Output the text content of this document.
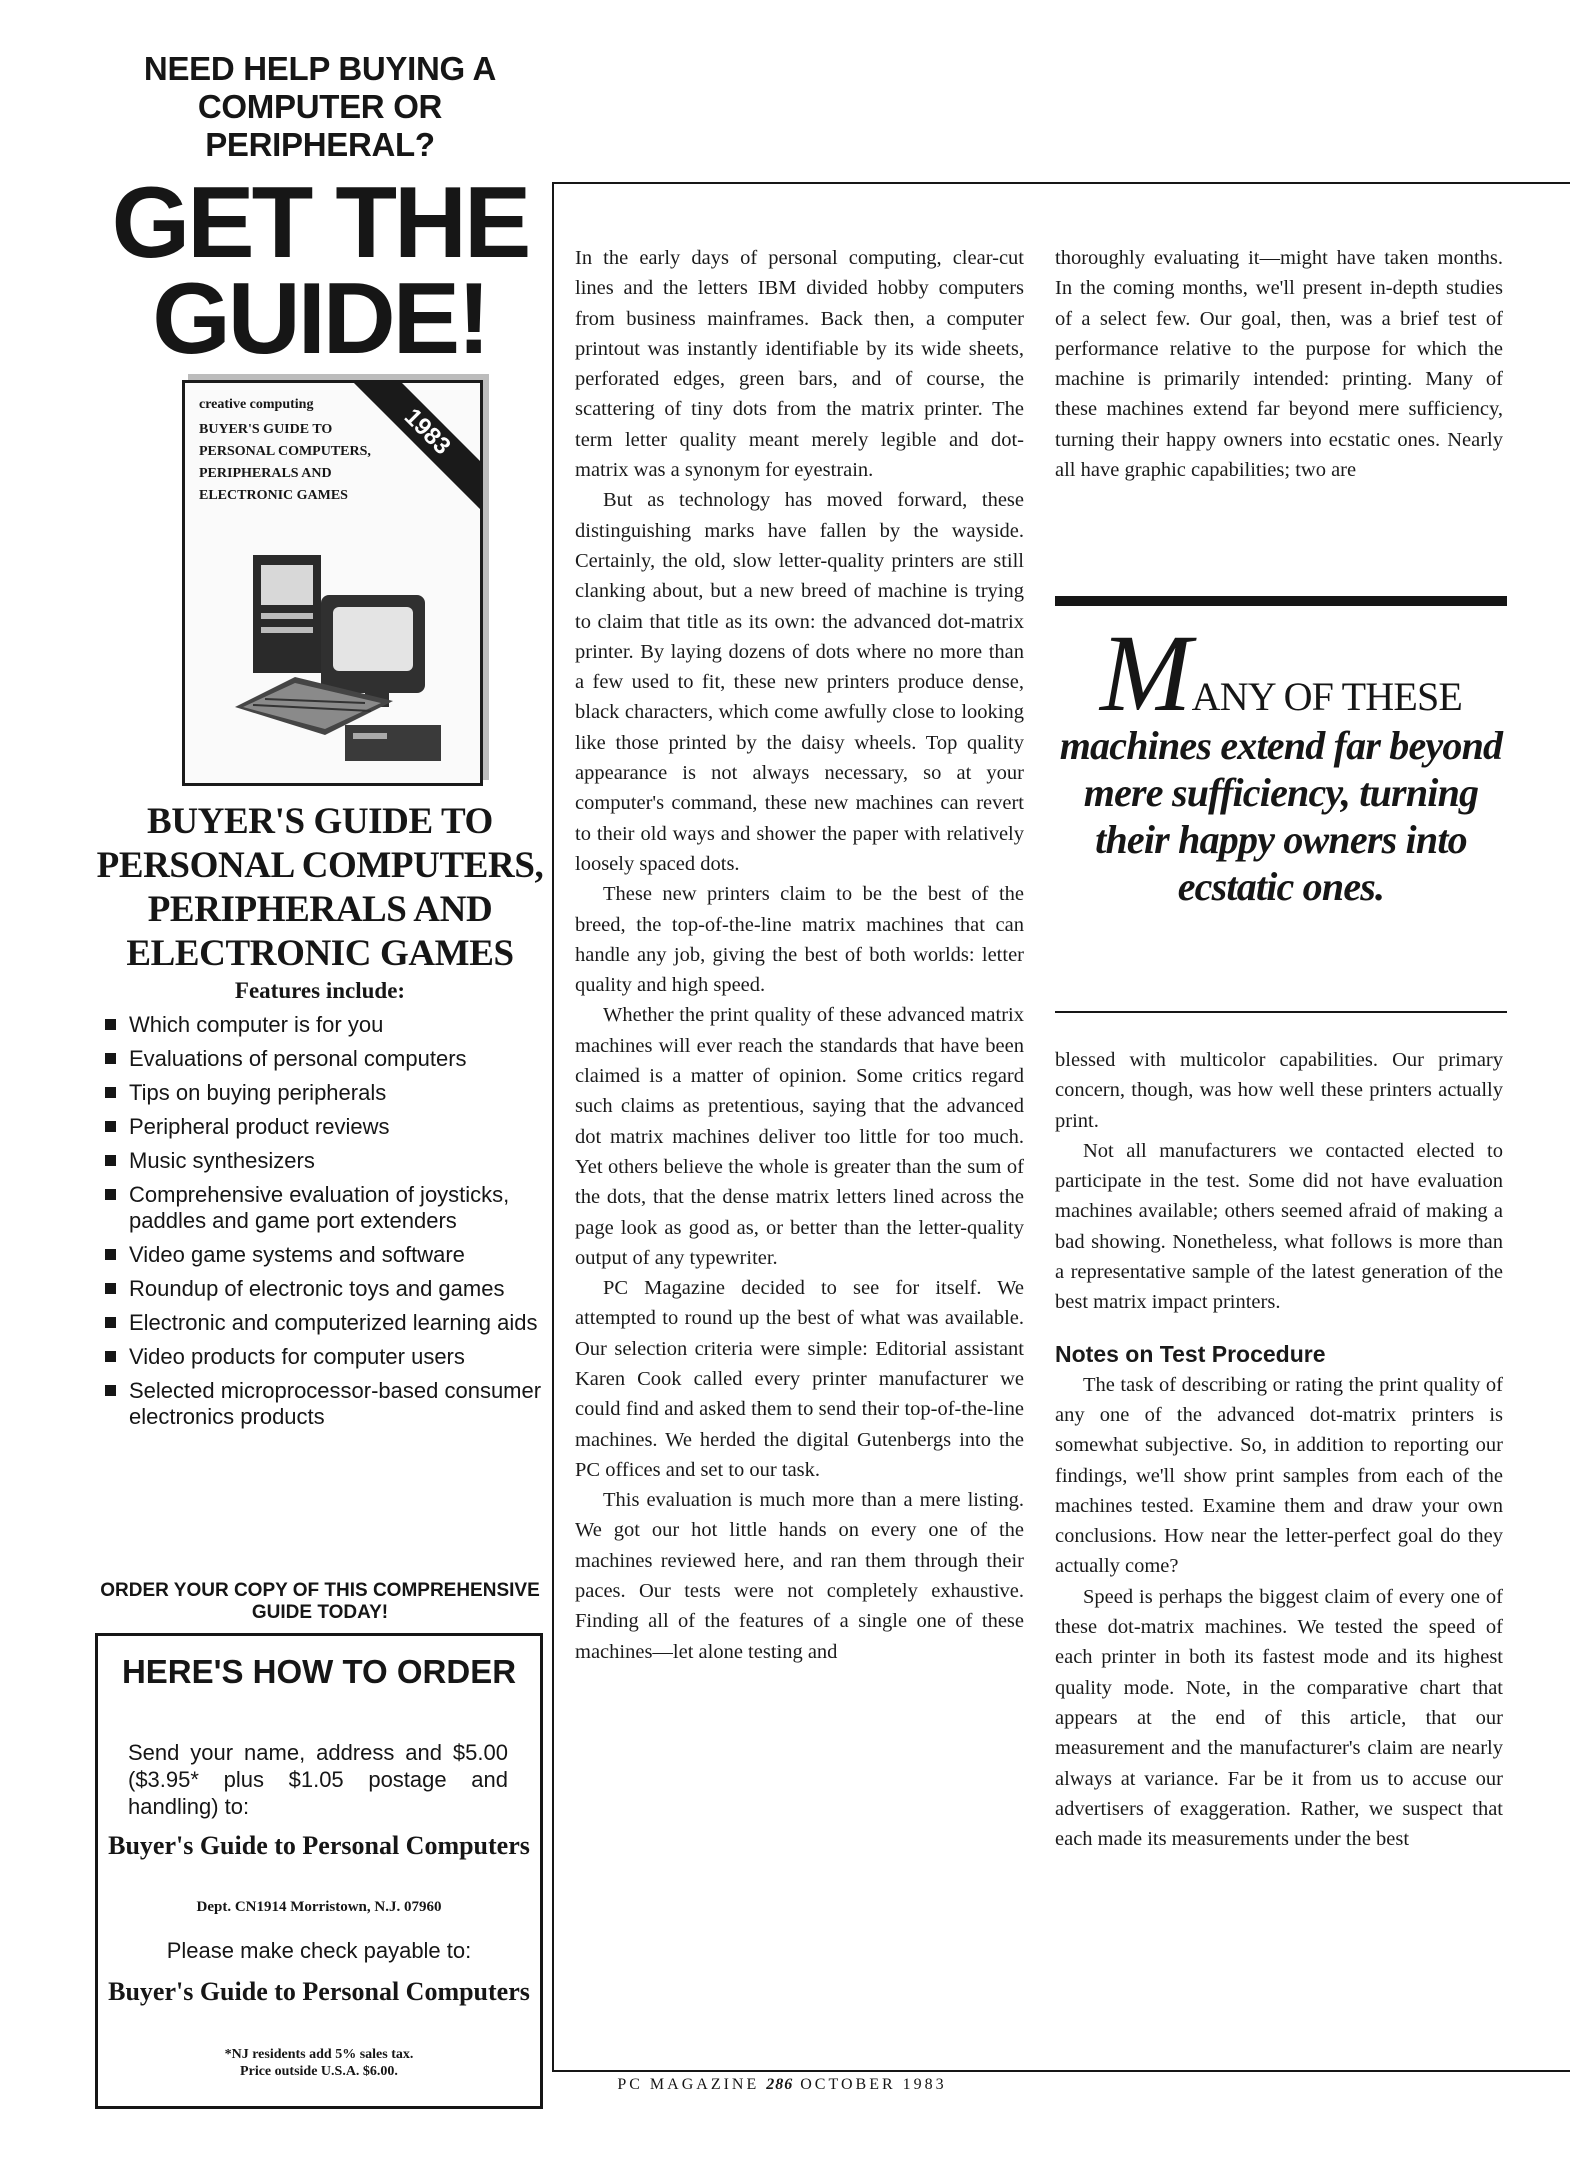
NEED HELP BUYING A COMPUTER OR PERIPHERAL?
GET THE GUIDE!
creative computing
BUYER'S GUIDE TO
PERSONAL COMPUTERS,
PERIPHERALS AND
ELECTRONIC GAMES
1983
BUYER'S GUIDE TO PERSONAL COMPUTERS, PERIPHERALS AND ELECTRONIC GAMES
Features include:
Which computer is for you
Evaluations of personal computers
Tips on buying peripherals
Peripheral product reviews
Music synthesizers
Comprehensive evaluation of joysticks, paddles and game port extenders
Video game systems and software
Roundup of electronic toys and games
Electronic and computerized learning aids
Video products for computer users
Selected microprocessor-based consumer electronics products
ORDER YOUR COPY OF THIS COMPREHENSIVE GUIDE TODAY!
HERE'S HOW TO ORDER
Send your name, address and $5.00 ($3.95* plus $1.05 postage and handling) to:
Buyer's Guide to Personal Computers
Dept. CN1914 Morristown, N.J. 07960
Please make check payable to:
Buyer's Guide to Personal Computers
*NJ residents add 5% sales tax.
Price outside U.S.A. $6.00.

In the early days of personal computing, clear-cut lines and the letters IBM divided hobby computers from business mainframes. Back then, a computer printout was instantly identifiable by its wide sheets, perforated edges, green bars, and of course, the scattering of tiny dots from the matrix printer. The term letter quality meant merely legible and dot-matrix was a synonym for eyestrain.

But as technology has moved forward, these distinguishing marks have fallen by the wayside. Certainly, the old, slow letter-quality printers are still clanking about, but a new breed of machine is trying to claim that title as its own: the advanced dot-matrix printer. By laying dozens of dots where no more than a few used to fit, these new printers produce dense, black characters, which come awfully close to looking like those printed by the daisy wheels. Top quality appearance is not always necessary, so at your computer's command, these new machines can revert to their old ways and shower the paper with relatively loosely spaced dots.

These new printers claim to be the best of the breed, the top-of-the-line matrix machines that can handle any job, giving the best of both worlds: letter quality and high speed.

Whether the print quality of these advanced matrix machines will ever reach the standards that have been claimed is a matter of opinion. Some critics regard such claims as pretentious, saying that the advanced dot matrix machines deliver too little for too much. Yet others believe the whole is greater than the sum of the dots, that the dense matrix letters lined across the page look as good as, or better than the letter-quality output of any typewriter.

PC Magazine decided to see for itself. We attempted to round up the best of what was available. Our selection criteria were simple: Editorial assistant Karen Cook called every printer manufacturer we could find and asked them to send their top-of-the-line machines. We herded the digital Gutenbergs into the PC offices and set to our task.

This evaluation is much more than a mere listing. We got our hot little hands on every one of the machines reviewed here, and ran them through their paces. Our tests were not completely exhaustive. Finding all of the features of a single one of these machines—let alone testing and

thoroughly evaluating it—might have taken months. In the coming months, we'll present in-depth studies of a select few. Our goal, then, was a brief test of performance relative to the purpose for which the machine is primarily intended: printing. Many of these machines extend far beyond mere sufficiency, turning their happy owners into ecstatic ones. Nearly all have graphic capabilities; two are

MANY OF THESE
machines extend far beyond mere sufficiency, turning their happy owners into ecstatic ones.

blessed with multicolor capabilities. Our primary concern, though, was how well these printers actually print.

Not all manufacturers we contacted elected to participate in the test. Some did not have evaluation machines available; others seemed afraid of making a bad showing. Nonetheless, what follows is more than a representative sample of the latest generation of the best matrix impact printers.

Notes on Test Procedure

The task of describing or rating the print quality of any one of the advanced dot-matrix printers is somewhat subjective. So, in addition to reporting our findings, we'll show print samples from each of the machines tested. Examine them and draw your own conclusions. How near the letter-perfect goal do they actually come?

Speed is perhaps the biggest claim of every one of these dot-matrix machines. We tested the speed of each printer in both its fastest mode and its highest quality mode. Note, in the comparative chart that appears at the end of this article, that our measurement and the manufacturer's claim are nearly always at variance. Far be it from us to accuse our advertisers of exaggeration. Rather, we suspect that each made its measurements under the best

PC MAGAZINE 286 OCTOBER 1983
